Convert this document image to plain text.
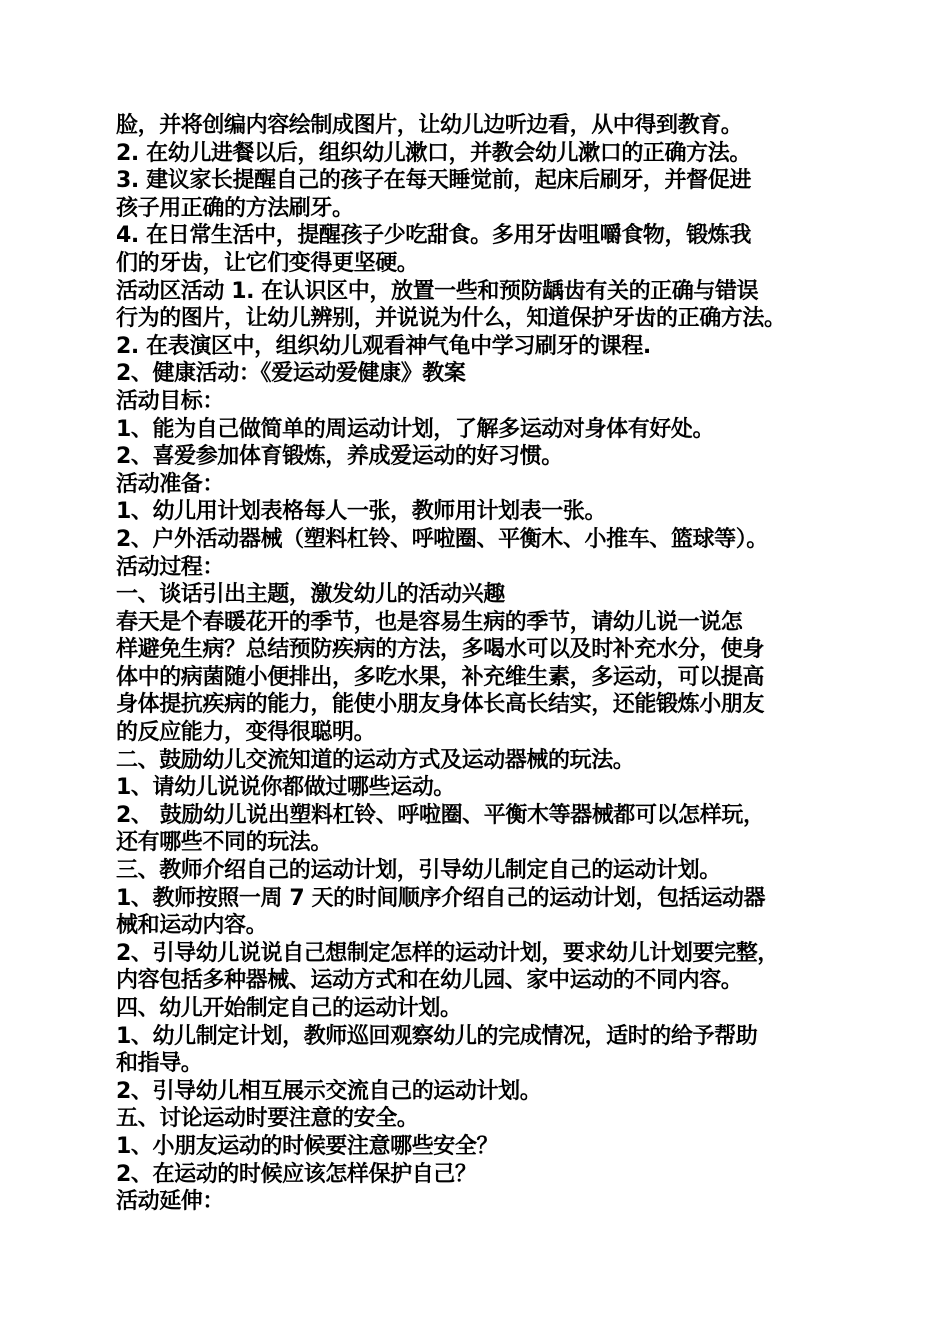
脸，并将创编内容绘制成图片，让幼儿边听边看，从中得到教育。
2. 在幼儿进餐以后，组织幼儿漱口，并教会幼儿漱口的正确方法。
3. 建议家长提醒自己的孩子在每天睡觉前，起床后刷牙，并督促进
孩子用正确的方法刷牙。
4. 在日常生活中，提醒孩子少吃甜食。多用牙齿咀嚼食物，锻炼我
们的牙齿，让它们变得更坚硬。
活动区活动 1. 在认识区中，放置一些和预防龋齿有关的正确与错误
行为的图片，让幼儿辨别，并说说为什么，知道保护牙齿的正确方法。
2. 在表演区中，组织幼儿观看神气龟中学习刷牙的课程.
2、健康活动：《爱运动爱健康》教案
活动目标：
1、能为自己做简单的周运动计划，了解多运动对身体有好处。
2、喜爱参加体育锻炼，养成爱运动的好习惯。
活动准备：
1、幼儿用计划表格每人一张，教师用计划表一张。
2、户外活动器械（塑料杠铃、呼啦圈、平衡木、小推车、篮球等）。
活动过程：
一、谈话引出主题，激发幼儿的活动兴趣
春天是个春暖花开的季节，也是容易生病的季节，请幼儿说一说怎
样避免生病？总结预防疾病的方法，多喝水可以及时补充水分，使身
体中的病菌随小便排出，多吃水果，补充维生素，多运动，可以提高
身体提抗疾病的能力，能使小朋友身体长高长结实，还能锻炼小朋友
的反应能力，变得很聪明。
二、鼓励幼儿交流知道的运动方式及运动器械的玩法。
1、请幼儿说说你都做过哪些运动。
2、 鼓励幼儿说出塑料杠铃、呼啦圈、平衡木等器械都可以怎样玩，
还有哪些不同的玩法。
三、教师介绍自己的运动计划，引导幼儿制定自己的运动计划。
1、教师按照一周 7 天的时间顺序介绍自己的运动计划，包括运动器
械和运动内容。
2、引导幼儿说说自己想制定怎样的运动计划，要求幼儿计划要完整，
内容包括多种器械、运动方式和在幼儿园、家中运动的不同内容。
四、幼儿开始制定自己的运动计划。
1、幼儿制定计划，教师巡回观察幼儿的完成情况，适时的给予帮助
和指导。
2、引导幼儿相互展示交流自己的运动计划。
五、讨论运动时要注意的安全。
1、小朋友运动的时候要注意哪些安全？
2、在运动的时候应该怎样保护自己？
活动延伸：
